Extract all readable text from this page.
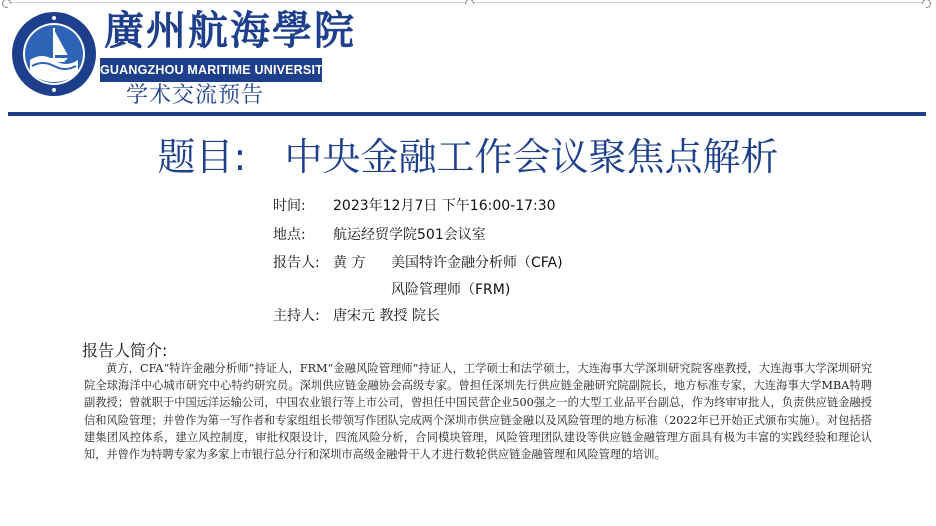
廣州航海學院
GUANGZHOU MARITIME UNIVERSITY
学术交流预告
题目: 中央金融工作会议聚焦点解析
时间: 2023年12月7日 下午16:00-17:30
地点: 航运经贸学院501会议室
报告人: 黄 方 美国特许金融分析师（CFA)
风险管理师（FRM)
主持人: 唐宋元 教授 院长
报告人简介:
黄方，CFA“特许金融分析师”持证人，FRM“金融风险管理师”持证人，工学硕士和法学硕士，大连海事大学深圳研究院客座教授，大连海事大学深圳研究院全球海洋中心城市研究中心特约研究员。深圳供应链金融协会高级专家。曾担任深圳先行供应链金融研究院副院长，地方标准专家，大连海事大学MBA特聘副教授；曾就职于中国远洋运输公司，中国农业银行等上市公司，曾担任中国民营企业500强之一的大型工业品平台副总，作为终审审批人，负责供应链金融授信和风险管理；并曾作为第一写作者和专家组组长带领写作团队完成两个深圳市供应链金融以及风险管理的地方标准（2022年已开始正式颁布实施）。对包括搭建集团风控体系，建立风控制度，审批权限设计，四流风险分析，合同模块管理，风险管理团队建设等供应链金融管理方面具有极为丰富的实践经验和理论认知，并曾作为特聘专家为多家上市银行总分行和深圳市高级金融骨干人才进行数轮供应链金融管理和风险管理的培训。
